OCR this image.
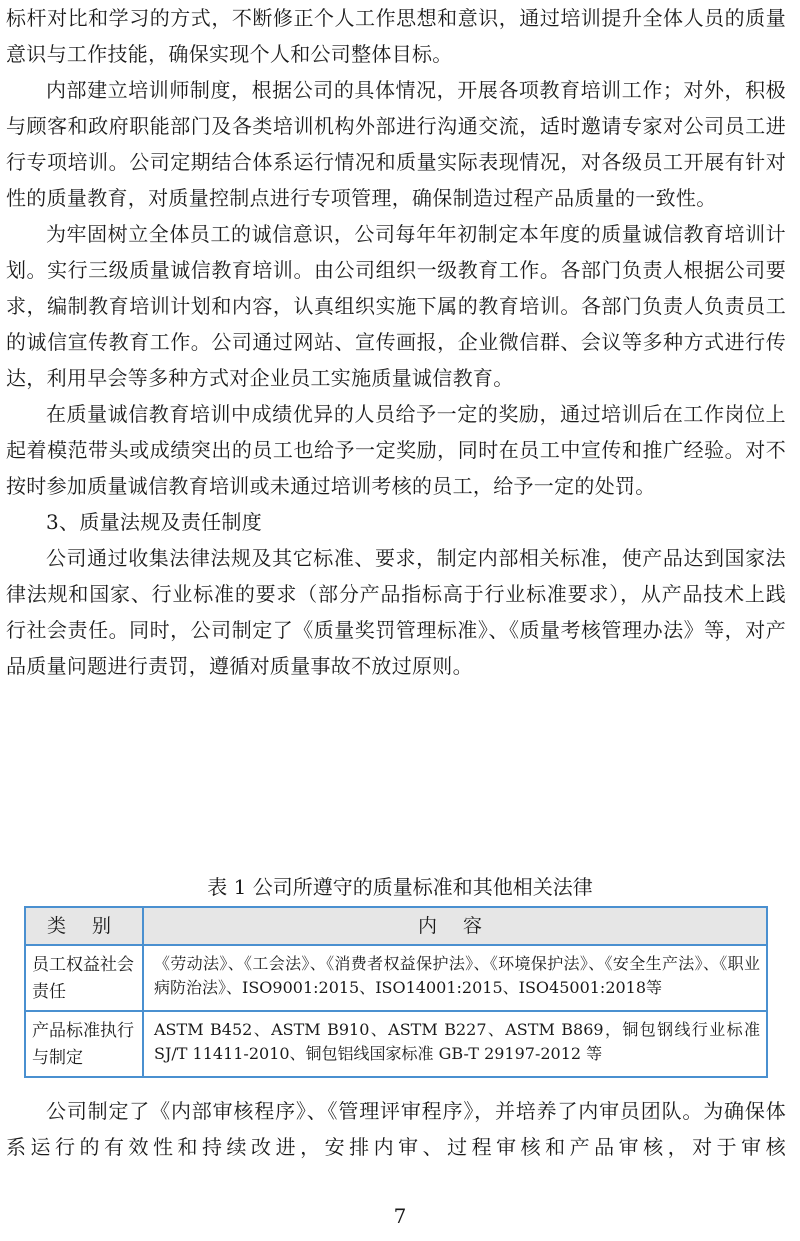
标杆对比和学习的方式，不断修正个人工作思想和意识，通过培训提升全体人员的质量意识与工作技能，确保实现个人和公司整体目标。

内部建立培训师制度，根据公司的具体情况，开展各项教育培训工作；对外，积极与顾客和政府职能部门及各类培训机构外部进行沟通交流，适时邀请专家对公司员工进行专项培训。公司定期结合体系运行情况和质量实际表现情况，对各级员工开展有针对性的质量教育，对质量控制点进行专项管理，确保制造过程产品质量的一致性。

为牢固树立全体员工的诚信意识，公司每年年初制定本年度的质量诚信教育培训计划。实行三级质量诚信教育培训。由公司组织一级教育工作。各部门负责人根据公司要求，编制教育培训计划和内容，认真组织实施下属的教育培训。各部门负责人负责员工的诚信宣传教育工作。公司通过网站、宣传画报，企业微信群、会议等多种方式进行传达，利用早会等多种方式对企业员工实施质量诚信教育。

在质量诚信教育培训中成绩优异的人员给予一定的奖励，通过培训后在工作岗位上起着模范带头或成绩突出的员工也给予一定奖励，同时在员工中宣传和推广经验。对不按时参加质量诚信教育培训或未通过培训考核的员工，给予一定的处罚。

3、质量法规及责任制度

公司通过收集法律法规及其它标准、要求，制定内部相关标准，使产品达到国家法律法规和国家、行业标准的要求（部分产品指标高于行业标准要求），从产品技术上践行社会责任。同时，公司制定了《质量奖罚管理标准》、《质量考核管理办法》等，对产品质量问题进行责罚，遵循对质量事故不放过原则。

表 1 公司所遵守的质量标准和其他相关法律
类 别	内 容
员工权益社会责任	《劳动法》、《工会法》、《消费者权益保护法》、《环境保护法》、《安全生产法》、《职业病防治法》、ISO9001:2015、ISO14001:2015、ISO45001:2018等
产品标准执行与制定	ASTM B452、ASTM B910、ASTM B227、ASTM B869，铜包钢线行业标准 SJ/T 11411-2010、铜包铝线国家标准 GB-T 29197-2012 等

公司制定了《内部审核程序》、《管理评审程序》，并培养了内审员团队。为确保体系运行的有效性和持续改进，安排内审、过程审核和产品审核，对于审核

7
